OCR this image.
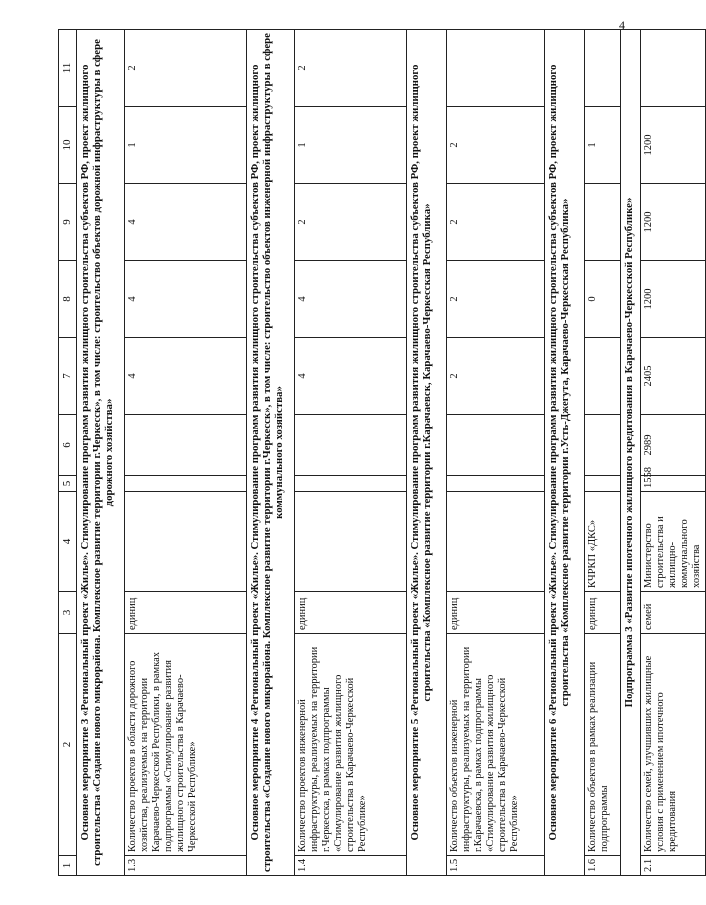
4
1	2	3	4	5	6	7	8	9	10	11
Основное мероприятие 3 «Региональный проект «Жилье». Стимулирование программ развития жилищного строительства субъектов РФ, проект жилищного строительства «Создание нового микрорайона. Комплексное развитие территории г.Черкесск», в том числе: строительство объектов дорожной инфраструктуры в сфере дорожного хозяйства»										
1.3	Количество проектов в области дорожного хозяйства, реализуемых на территории Карачаево-Черкесской Республики, в рамках подпрограммы «Стимулирование развития жилищного строительства в Карачаево-Черкесской Республике»	единиц				4	4	4	1	2
Основное мероприятие 4 «Региональный проект «Жилье». Стимулирование программ развития жилищного строительства субъектов РФ, проект жилищного строительства «Создание нового микрорайона. Комплексное развитие территории г.Черкесск», в том числе: строительство объектов инженерной инфраструктуры в сфере коммунального хозяйства»										
1.4	Количество проектов инженерной инфраструктуры, реализуемых на территории г.Черкесска, в рамках подпрограммы «Стимулирование развития жилищного строительства в Карачаево-Черкесской Республике»	единиц				4	4	2	1	2
Основное мероприятие 5 «Региональный проект «Жилье». Стимулирование программ развития жилищного строительства субъектов РФ, проект жилищного строительства «Комплексное развитие территории г.Карачаевск, Карачаево-Черкесская Республика»										
1.5	Количество объектов инженерной инфраструктуры, реализуемых на территории г.Карачаевска, в рамках подпрограммы «Стимулирование развития жилищного строительства в Карачаево-Черкесской Республике»	единиц				2	2	2	2	
Основное мероприятие 6 «Региональный проект «Жилье». Стимулирование программ развития жилищного строительства субъектов РФ, проект жилищного строительства «Комплексное развитие территории г.Усть-Джегута, Карачаево-Черкесская Республика»										
1.6	Количество объектов в рамках реализации подпрограммы	единиц	КЧРКП «ДКС»				0		1	
Подпрограмма 3 «Развитие ипотечного жилищного кредитования в Карачаево-Черкесской Республике»										
2.1	Количество семей, улучшивших жилищные условия с применением ипотечного кредитования	семей	Министерство строительства и жилищно-коммунального хозяйства	1558	2989	2405	1200	1200	1200	
